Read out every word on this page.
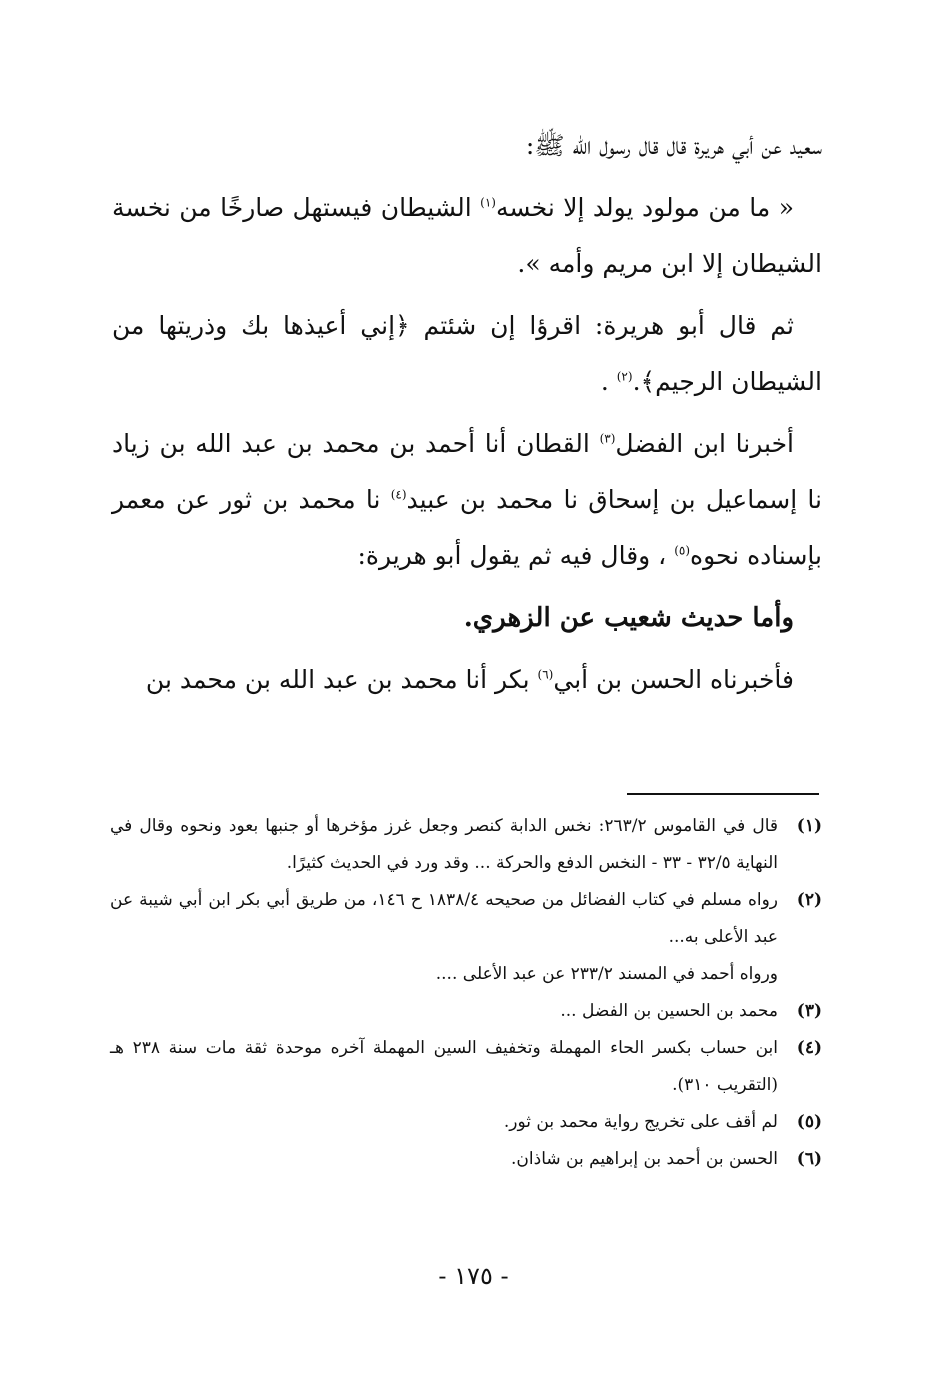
سعيد عن أبي هريرة قال قال رسول الله ﷺ:

« ما من مولود يولد إلا نخسه$^{(١)}$ الشيطان فيستهل صارخًا من نخسة الشيطان إلا ابن مريم وأمه ».

ثم قال أبو هريرة: اقرؤا إن شئتم ﴿إني أعيذها بك وذريتها من الشيطان الرجيم﴾.$^{(٢)}$ .

أخبرنا ابن الفضل$^{(٣)}$ القطان أنا أحمد بن محمد بن عبد الله بن زياد نا إسماعيل بن إسحاق نا محمد بن عبيد$^{(٤)}$ نا محمد بن ثور عن معمر بإسناده نحوه$^{(٥)}$ ، وقال فيه ثم يقول أبو هريرة:

وأما حديث شعيب عن الزهري.

فأخبرناه الحسن بن أبي$^{(٦)}$ بكر أنا محمد بن عبد الله بن محمد بن

(١)
قال في القاموس ٢٦٣/٢: نخس الدابة كنصر وجعل غرز مؤخرها أو جنبها بعود ونحوه وقال في النهاية ٣٢/٥ - ٣٣ - النخس الدفع والحركة ... وقد ورد في الحديث كثيرًا.
(٢)
رواه مسلم في كتاب الفضائل من صحيحه ١٨٣٨/٤ ح ١٤٦، من طريق أبي بكر ابن أبي شيبة عن عبد الأعلى به...
ورواه أحمد في المسند ٢٣٣/٢ عن عبد الأعلى ....
(٣)
محمد بن الحسين بن الفضل ...
(٤)
ابن حساب بكسر الحاء المهملة وتخفيف السين المهملة آخره موحدة ثقة مات سنة ٢٣٨ هـ (التقريب ٣١٠).
(٥)
لم أقف على تخريج رواية محمد بن ثور.
(٦)
الحسن بن أحمد بن إبراهيم بن شاذان.
- ١٧٥ -
